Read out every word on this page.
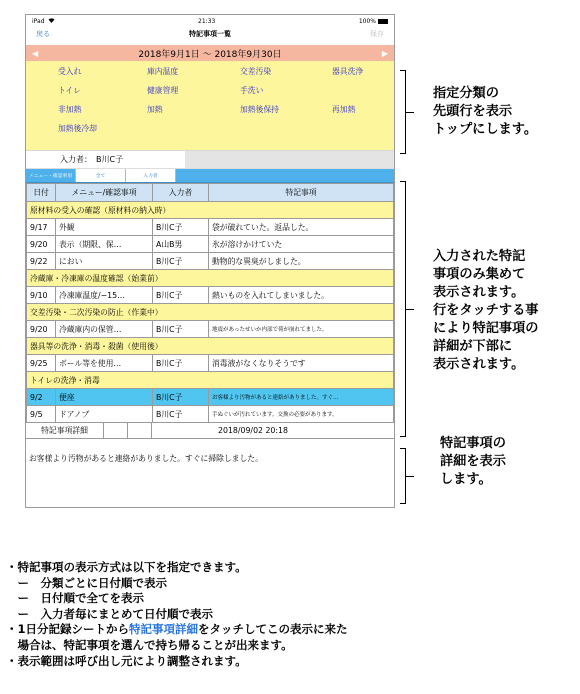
iPad	21:33	100%
戻る	特記事項一覧	保存
◀	2018年9月1日 ～ 2018年9月30日	▶
受入れ	庫内温度	交差汚染	器具洗浄
トイレ	健康管理	手洗い
非加熱	加熱	加熱後保持	再加熱
加熱後冷却
入力者： B川C子
メニュー・確認事項	全て	入力者
日付	メニュー/確認事項	入力者	特記事項
原材料の受入の確認（原材料の納入時）			
9/17	外観	B川C子	袋が破れていた。返品した。
9/20	表示（期限、保…	A山B男	氷が溶けかけていた
9/22	におい	B川C子	動物的な異臭がしました。
冷蔵庫・冷凍庫の温度確認（始業前）			
9/10	冷凍庫温度/−15…	B川C子	熱いものを入れてしまいました。
交差汚染・二次汚染の防止（作業中）			
9/20	冷蔵庫内の保管…	B川C子	地震があったせいか内部で荷が崩れてました。
器具等の洗浄・消毒・殺菌（使用後）			
9/25	ボール等を使用…	B川C子	消毒液がなくなりそうです
トイレの洗浄・消毒			
9/2	便座	B川C子	お客様より汚物があると連絡がありました。すぐ…
9/5	ドアノブ	B川C子	手ぬぐいが汚れています。交換の必要があります。
特記事項詳細	2018/09/02 20:18
お客様より汚物があると連絡がありました。すぐに掃除しました。
指定分類の
先頭行を表示
トップにします。
入力された特記
事項のみ集めて
表示されます。
行をタッチする事
により特記事項の
詳細が下部に
表示されます。
特記事項の
詳細を表示
します。
・特記事項の表示方式は以下を指定できます。
　ー　分類ごとに日付順で表示
　ー　日付順で全てを表示
　ー　入力者毎にまとめて日付順で表示
・1日分記録シートから特記事項詳細をタッチしてこの表示に来た
　場合は、特記事項を選んで持ち帰ることが出来ます。
・表示範囲は呼び出し元により調整されます。
